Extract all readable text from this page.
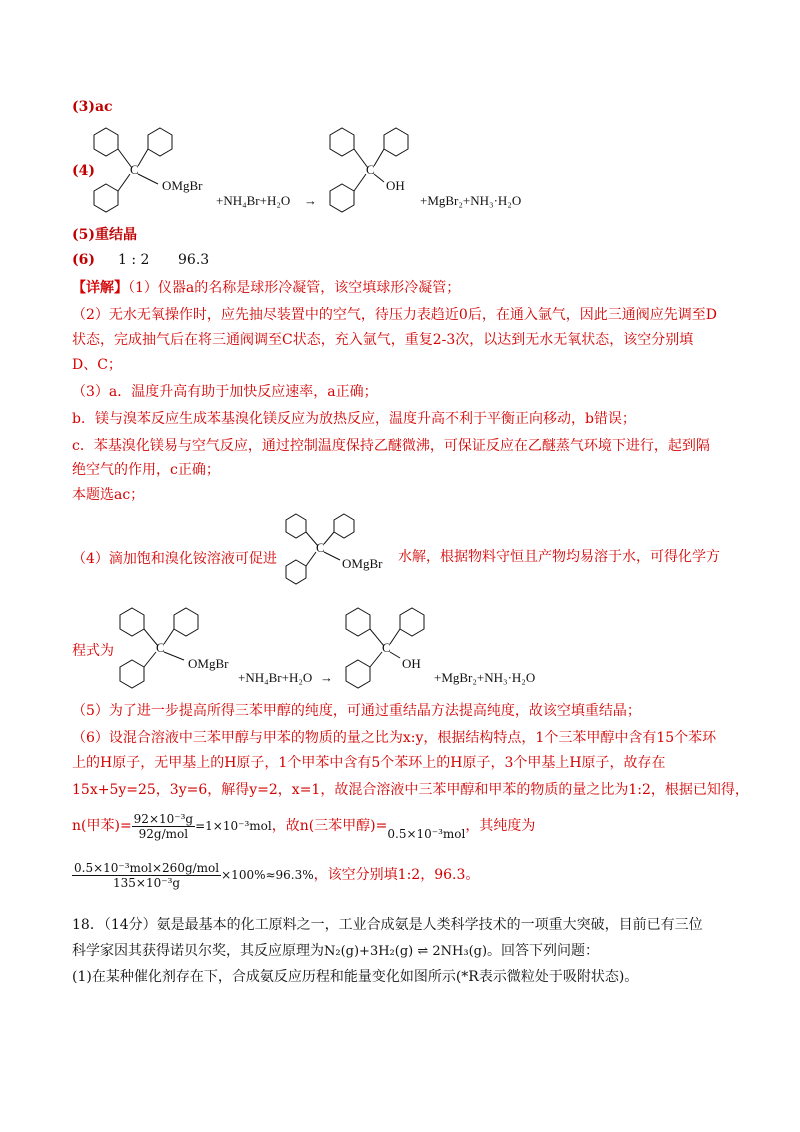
(3)ac
(4)	C
OMgBr
+NH₄Br+H₂O →
C
OH
+MgBr₂+NH₃·H₂O
(5)重结晶
(6) 1 : 2 96.3
【详解】（1）仪器a的名称是球形冷凝管，该空填球形冷凝管；
（2）无水无氧操作时，应先抽尽装置中的空气，待压力表趋近0后，在通入氩气，因此三通阀应先调至D
状态，完成抽气后在将三通阀调至C状态，充入氩气，重复2-3次，以达到无水无氧状态，该空分别填
D、C；
（3）a．温度升高有助于加快反应速率，a正确；
b．镁与溴苯反应生成苯基溴化镁反应为放热反应，温度升高不利于平衡正向移动，b错误；
c．苯基溴化镁易与空气反应，通过控制温度保持乙醚微沸，可保证反应在乙醚蒸气环境下进行，起到隔
绝空气的作用，c正确；
本题选ac；
（4）滴加饱和溴化铵溶液可促进
C
OMgBr 水解，根据物料守恒且产物均易溶于水，可得化学方
程式为	C
OMgBr
+NH₄Br+H₂O →
C
OH
+MgBr₂+NH₃·H₂O
（5）为了进一步提高所得三苯甲醇的纯度，可通过重结晶方法提高纯度，故该空填重结晶；
（6）设混合溶液中三苯甲醇与甲苯的物质的量之比为x:y，根据结构特点，1个三苯甲醇中含有15个苯环
上的H原子，无甲基上的H原子，1个甲苯中含有5个苯环上的H原子，3个甲基上H原子，故存在
15x+5y=25，3y=6，解得y=2，x=1，故混合溶液中三苯甲醇和甲苯的物质的量之比为1:2，根据已知得，
n(甲苯)= $\frac{\text{92×10⁻³g}}{\text{92g/mol}} =1\times 10^{-3}mol$ ，故n(三苯甲醇)= 0.5×10⁻³mol ，其纯度为
$\frac{\text{0.5×10⁻³mol×260g/mol}}{\text{135×10⁻³g}} \times 100\%\approx 96.3\%$ ，该空分别填1:2，96.3。
18．（14分）氨是最基本的化工原料之一，工业合成氨是人类科学技术的一项重大突破，目前已有三位
科学家因其获得诺贝尔奖，其反应原理为N₂(g)+3H₂(g) ⇌ 2NH₃(g)。回答下列问题：
(1)在某种催化剂存在下，合成氨反应历程和能量变化如图所示(*R表示微粒处于吸附状态)。
